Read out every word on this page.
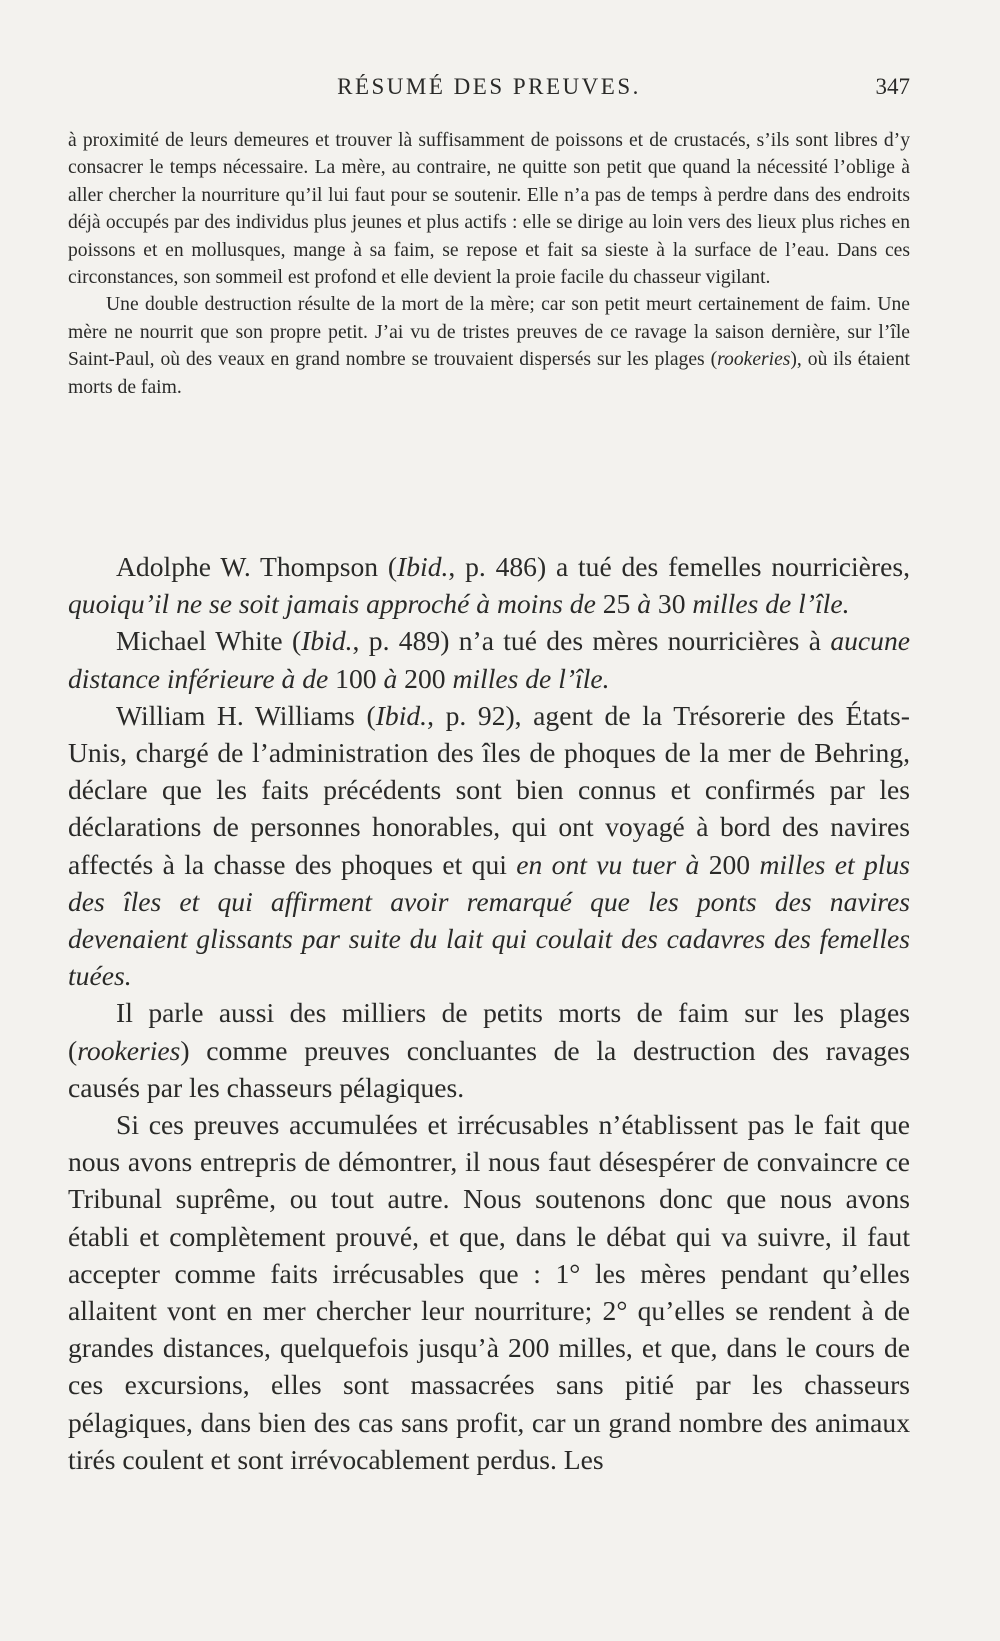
RÉSUMÉ DES PREUVES.	347

à proximité de leurs demeures et trouver là suffisamment de poissons et de crustacés, s’ils sont libres d’y consacrer le temps nécessaire. La mère, au contraire, ne quitte son petit que quand la nécessité l’oblige à aller chercher la nourriture qu’il lui faut pour se soutenir. Elle n’a pas de temps à perdre dans des endroits déjà occupés par des individus plus jeunes et plus actifs : elle se dirige au loin vers des lieux plus riches en poissons et en mollusques, mange à sa faim, se repose et fait sa sieste à la surface de l’eau. Dans ces circonstances, son sommeil est profond et elle devient la proie facile du chasseur vigilant.

Une double destruction résulte de la mort de la mère; car son petit meurt certainement de faim. Une mère ne nourrit que son propre petit. J’ai vu de tristes preuves de ce ravage la saison dernière, sur l’île Saint-Paul, où des veaux en grand nombre se trouvaient dispersés sur les plages (rookeries), où ils étaient morts de faim.

Adolphe W. Thompson (Ibid., p. 486) a tué des femelles nourricières, quoiqu’il ne se soit jamais approché à moins de 25 à 30 milles de l’île.

Michael White (Ibid., p. 489) n’a tué des mères nourricières à aucune distance inférieure à de 100 à 200 milles de l’île.

William H. Williams (Ibid., p. 92), agent de la Trésorerie des États-Unis, chargé de l’administration des îles de phoques de la mer de Behring, déclare que les faits précédents sont bien connus et confirmés par les déclarations de personnes honorables, qui ont voyagé à bord des navires affectés à la chasse des phoques et qui en ont vu tuer à 200 milles et plus des îles et qui affirment avoir remarqué que les ponts des navires devenaient glissants par suite du lait qui coulait des cadavres des femelles tuées.

Il parle aussi des milliers de petits morts de faim sur les plages (rookeries) comme preuves concluantes de la destruction des ravages causés par les chasseurs pélagiques.

Si ces preuves accumulées et irrécusables n’établissent pas le fait que nous avons entrepris de démontrer, il nous faut désespérer de convaincre ce Tribunal suprême, ou tout autre. Nous soutenons donc que nous avons établi et complètement prouvé, et que, dans le débat qui va suivre, il faut accepter comme faits irrécusables que : 1° les mères pendant qu’elles allaitent vont en mer chercher leur nourriture; 2° qu’elles se rendent à de grandes distances, quelquefois jusqu’à 200 milles, et que, dans le cours de ces excursions, elles sont massacrées sans pitié par les chasseurs pélagiques, dans bien des cas sans profit, car un grand nombre des animaux tirés coulent et sont irrévocablement perdus. Les
